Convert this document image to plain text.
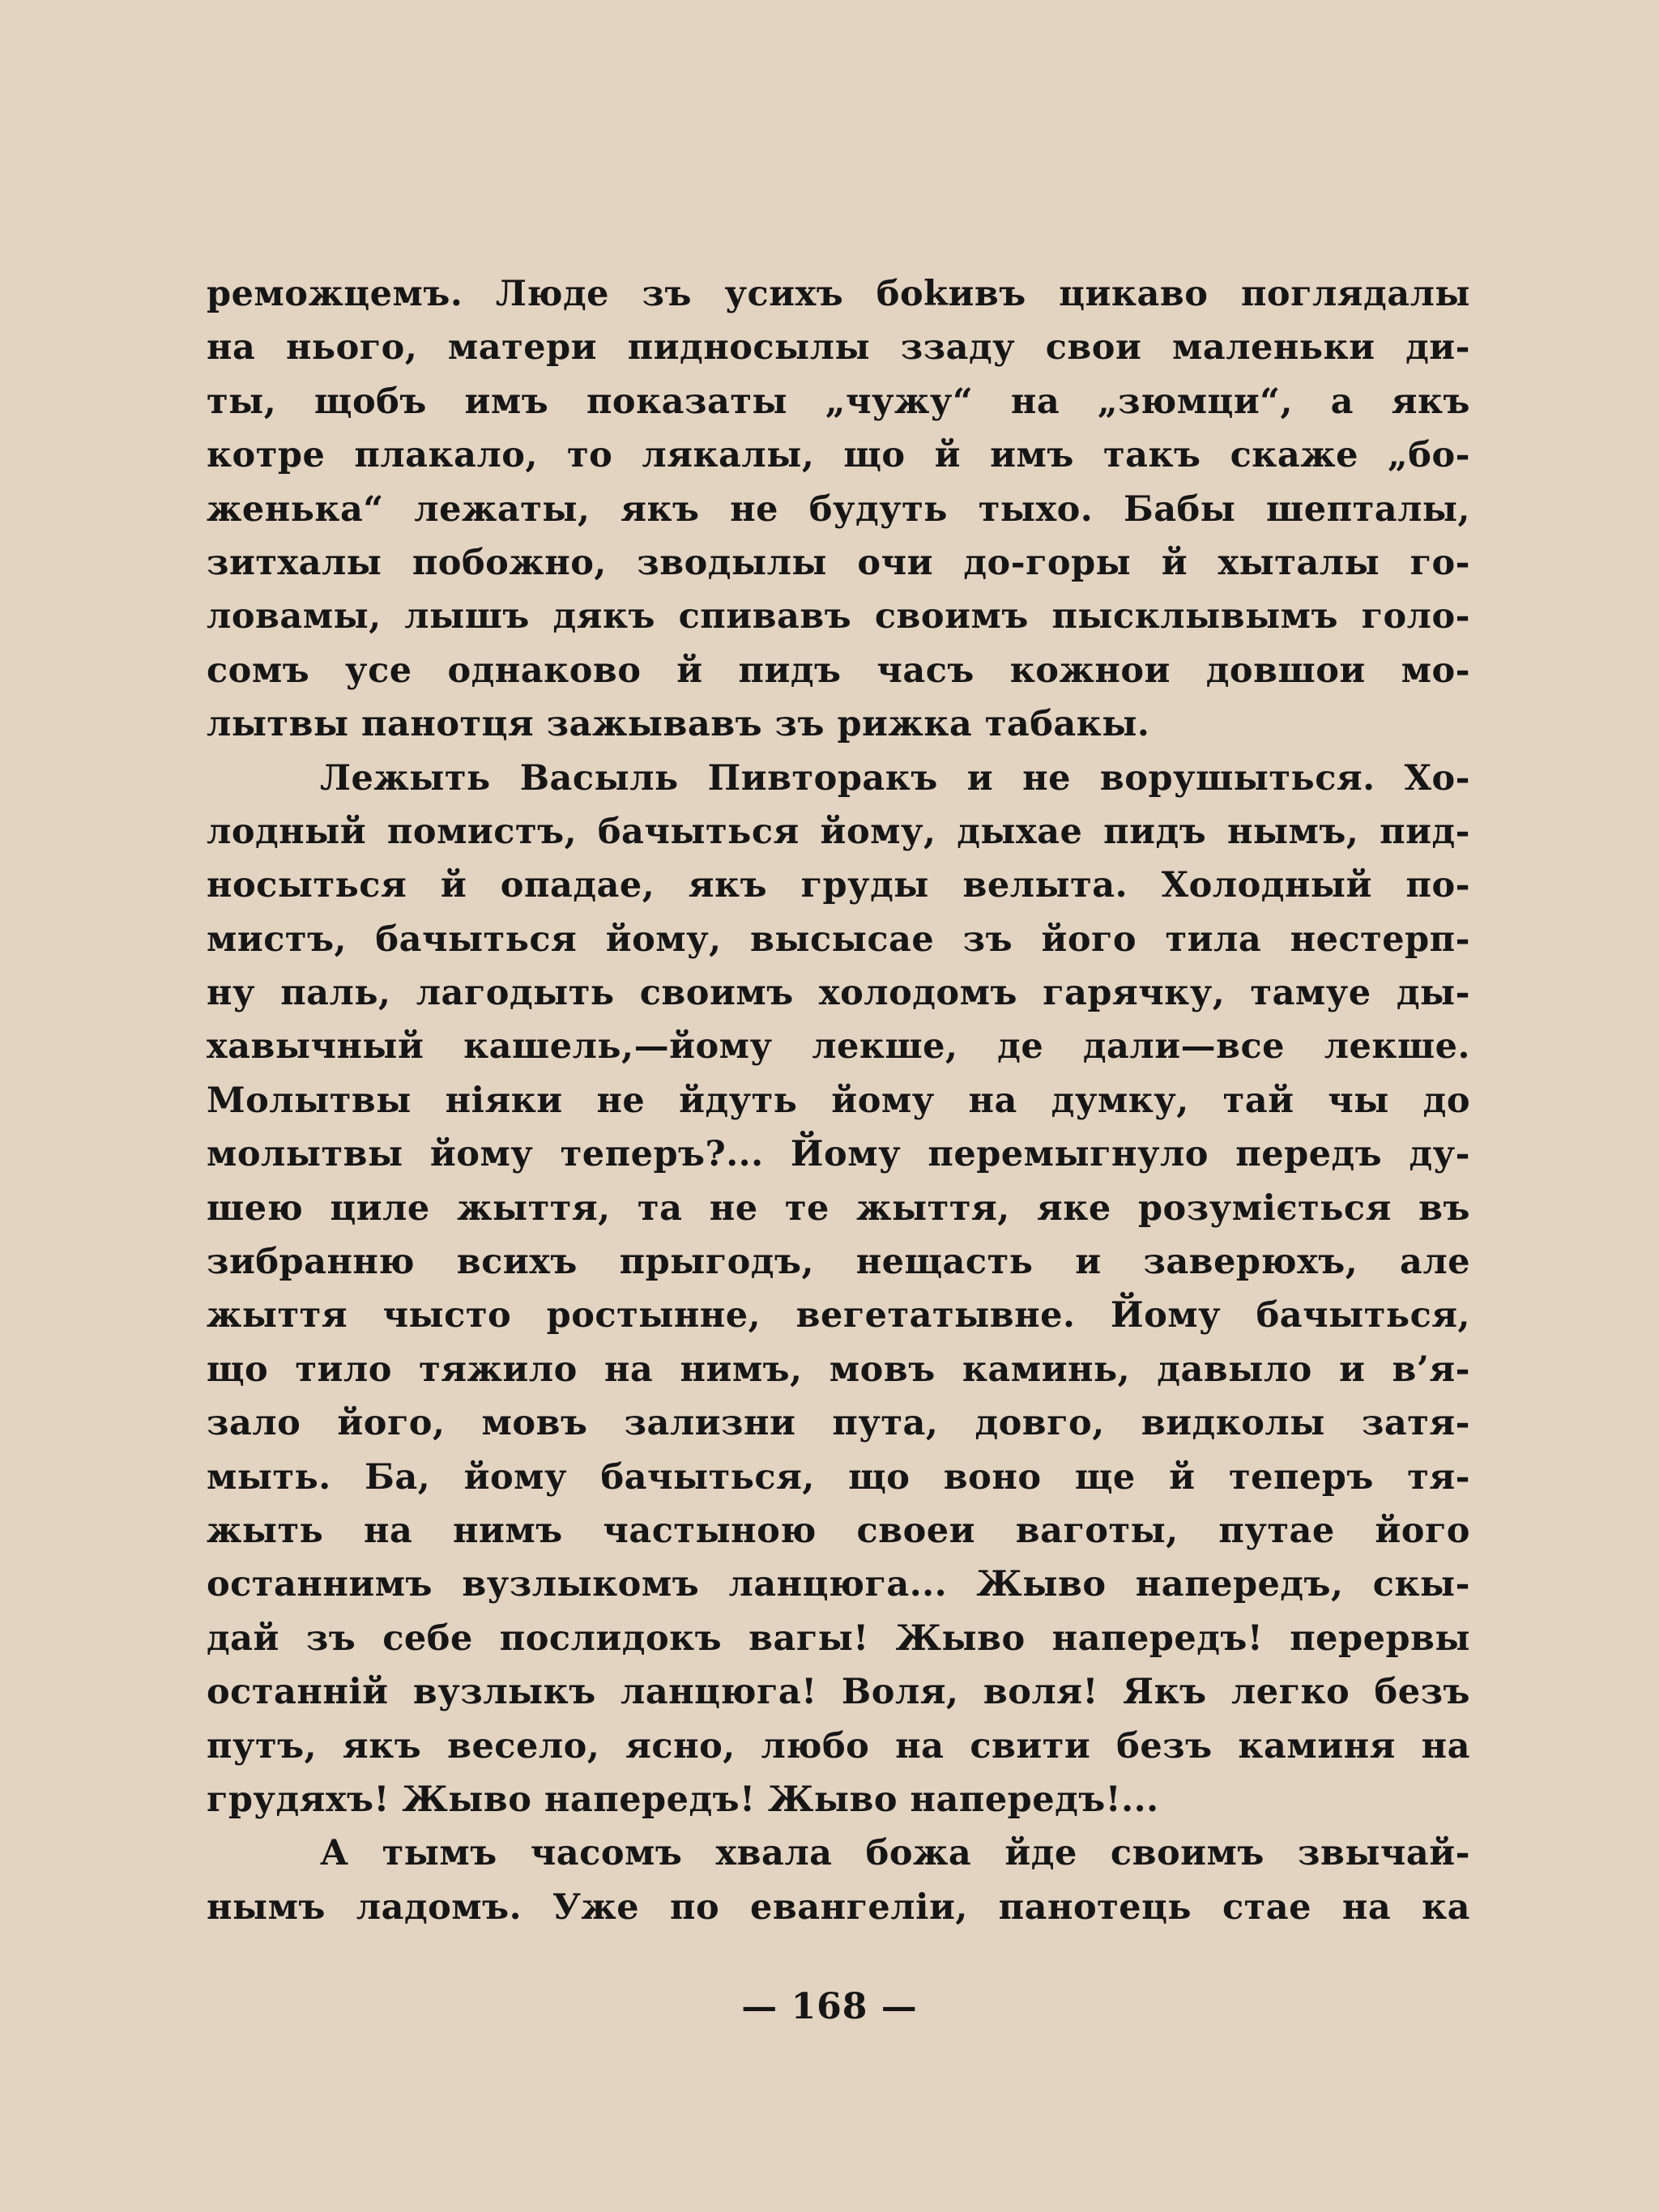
реможцемъ. Люде зъ усихъ боkивъ цикаво поглядалы
на нього, матери пидносылы ззаду свои маленьки ди-
ты, щобъ имъ показаты „чужу“ на „зюмци“, а якъ
котре плакало, то лякалы, що й имъ такъ скаже „бо-
женька“ лежаты, якъ не будуть тыхо. Бабы шепталы,
зитхалы побожно, зводылы очи до-горы й хыталы го-
ловамы, лышъ дякъ спивавъ своимъ пысклывымъ голо-
сомъ усе однаково й пидъ часъ кожнои довшои мо-
лытвы панотця зажывавъ зъ рижка табакы.
Лежыть Васыль Пивторакъ и не ворушыться. Хо-
лодный помистъ, бачыться йому, дыхае пидъ нымъ, пид-
носыться й опадае, якъ груды велыта. Холодный по-
мистъ, бачыться йому, высысае зъ його тила нестерп-
ну паль, лагодыть своимъ холодомъ гарячку, тамуе ды-
хавычный кашель,—йому лекше, де дали—все лекше.
Молытвы ніяки не йдуть йому на думку, тай чы до
молытвы йому теперъ?... Йому перемыгнуло передъ ду-
шею циле жыття, та не те жыття, яке розуміється въ
зибранню всихъ прыгодъ, нещасть и заверюхъ, але
жыття чысто ростынне, вегетатывне. Йому бачыться,
що тило тяжило на нимъ, мовъ каминь, давыло и в’я-
зало його, мовъ зализни пута, довго, видколы затя-
мыть. Ба, йому бачыться, що воно ще й теперъ тя-
жыть на нимъ частыною своеи ваготы, путае його
останнимъ вузлыкомъ ланцюга... Жыво напередъ, скы-
дай зъ себе послидокъ вагы! Жыво напередъ! перервы
останній вузлыкъ ланцюга! Воля, воля! Якъ легко безъ
путъ, якъ весело, ясно, любо на свити безъ каминя на
грудяхъ! Жыво напередъ! Жыво напередъ!...
А тымъ часомъ хвала божа йде своимъ звычай-
нымъ ладомъ. Уже по евангеліи, панотець стае на ка
— 168 —
